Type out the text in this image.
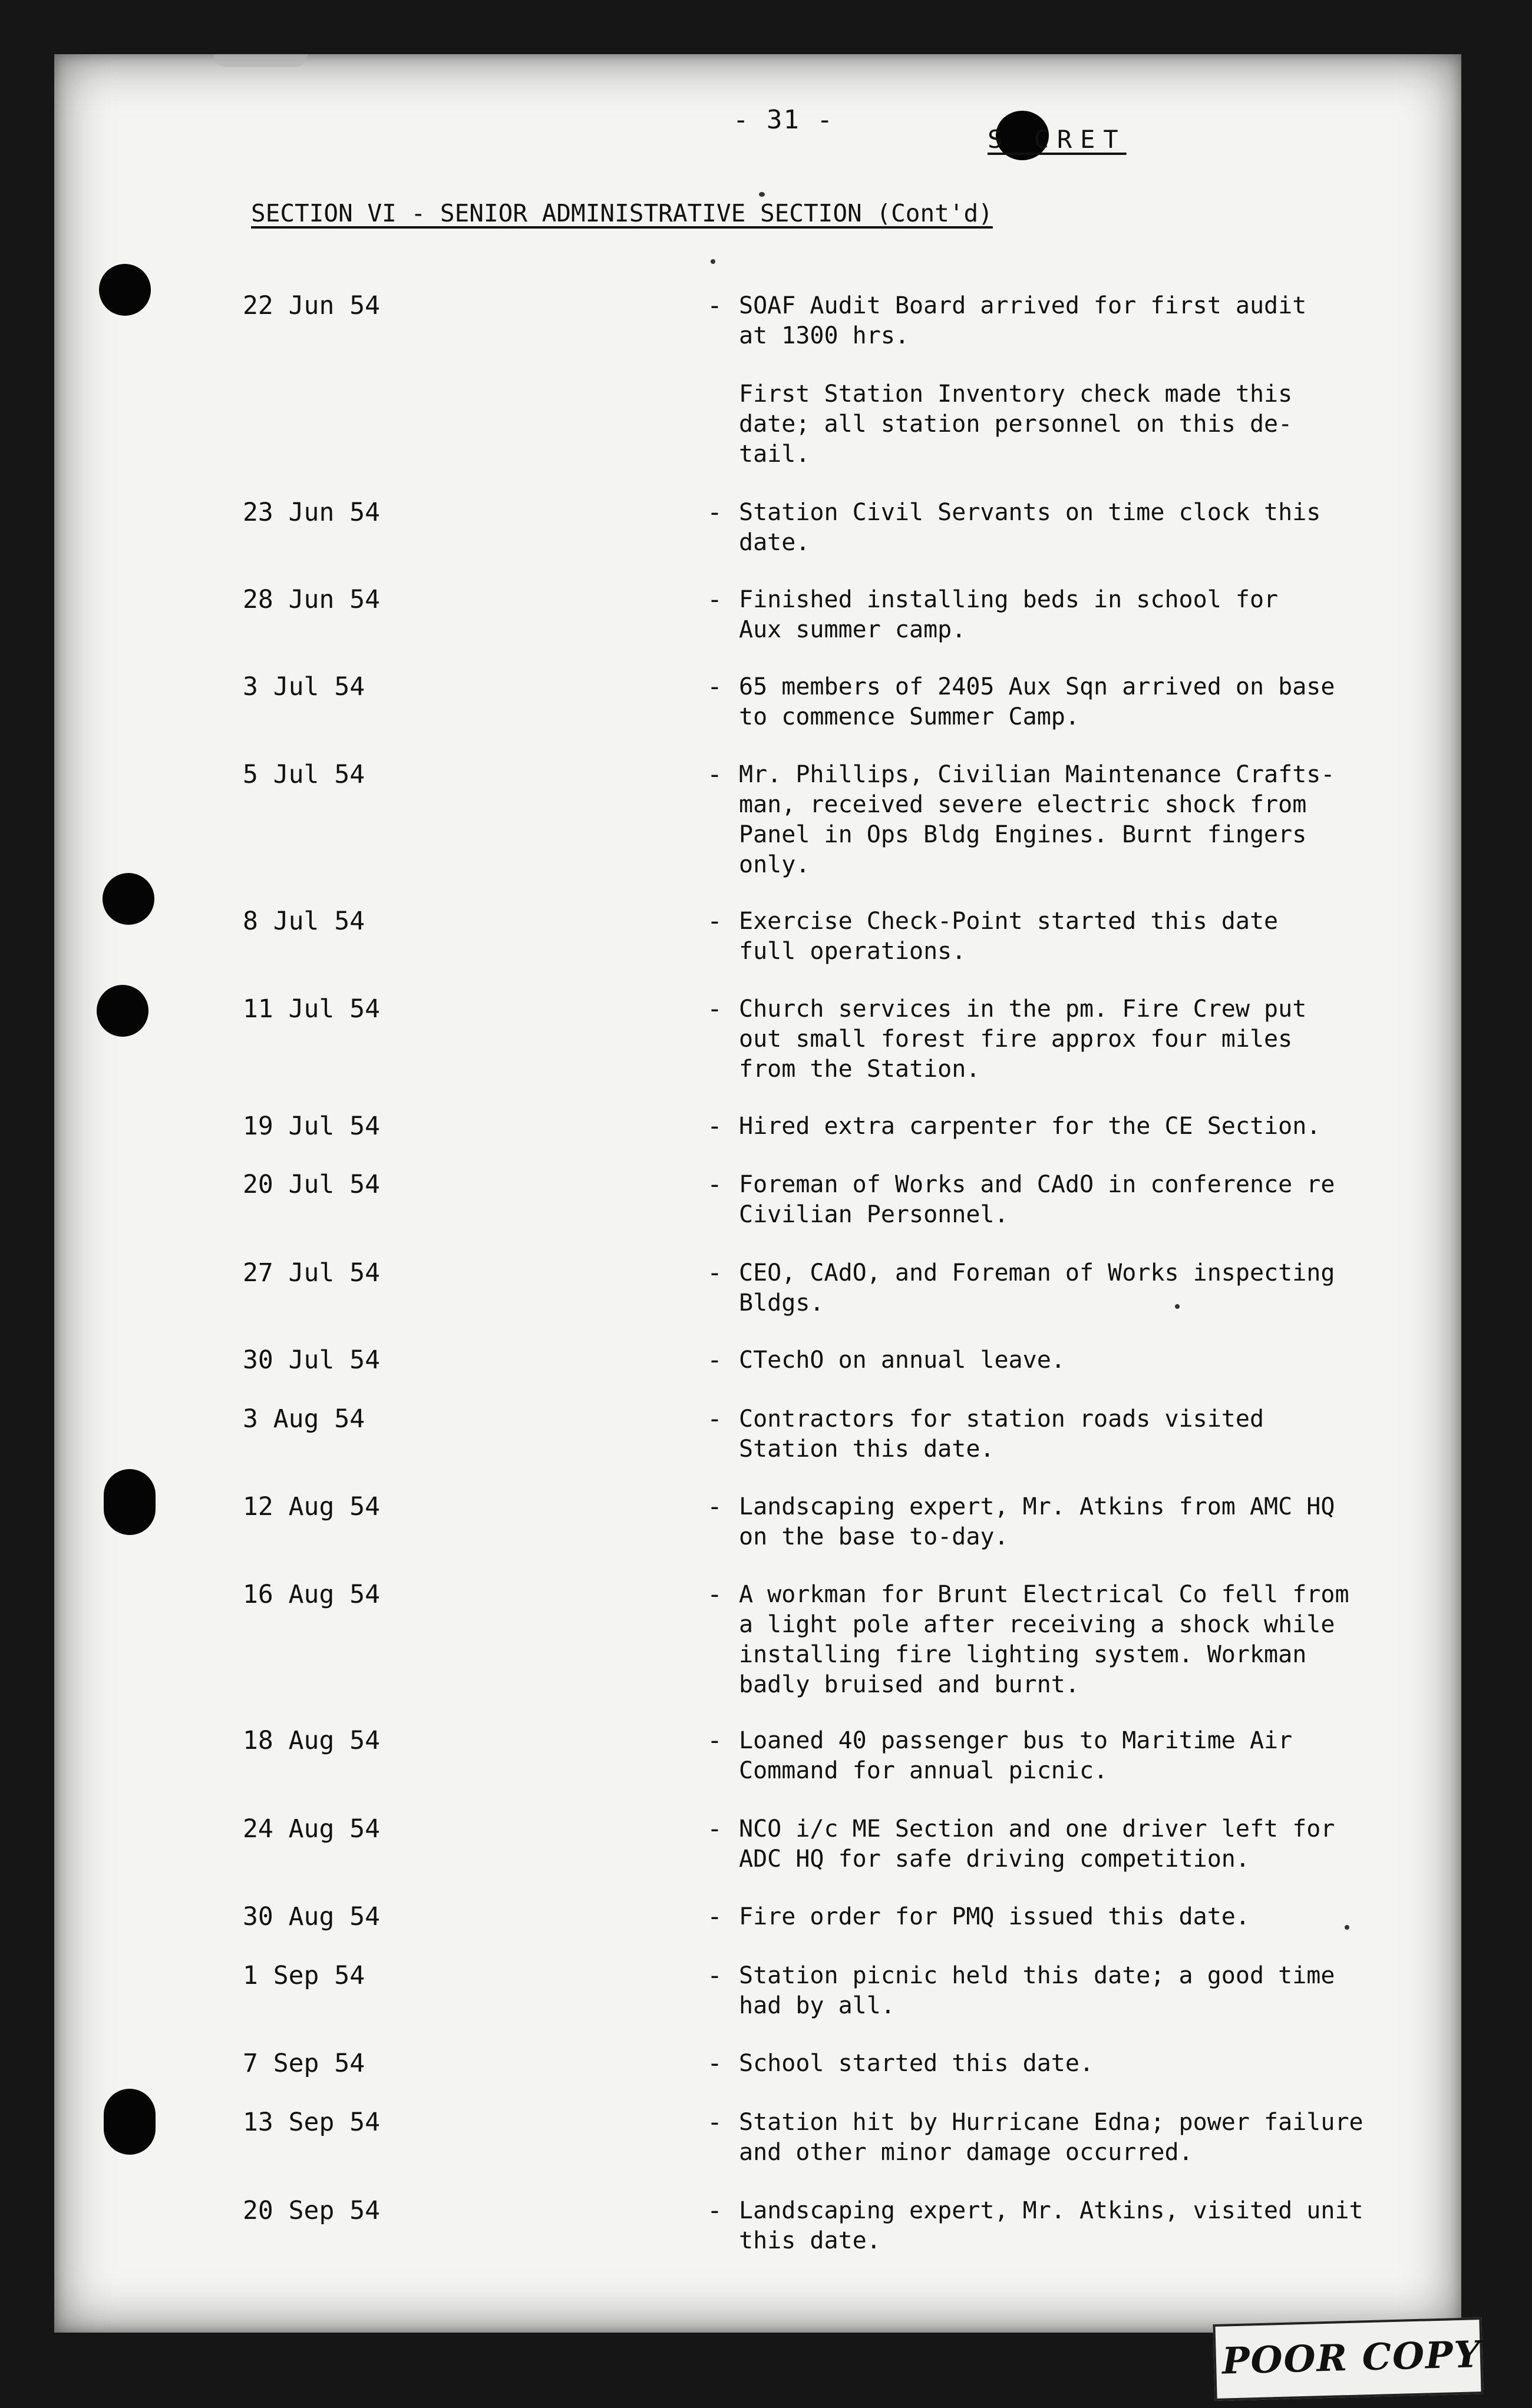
- 31 -
S CRET
SECTION VI - SENIOR ADMINISTRATIVE SECTION (Cont'd)
22 Jun 54	- SOAF Audit Board arrived for first audit
at 1300 hrs.

First Station Inventory check made this
date; all station personnel on this de-
tail.

23 Jun 54	- Station Civil Servants on time clock this
date.

28 Jun 54	- Finished installing beds in school for
Aux summer camp.

3 Jul 54	- 65 members of 2405 Aux Sqn arrived on base
to commence Summer Camp.

5 Jul 54	- Mr. Phillips, Civilian Maintenance Crafts-
man, received severe electric shock from
Panel in Ops Bldg Engines. Burnt fingers
only.

8 Jul 54	- Exercise Check-Point started this date
full operations.

11 Jul 54	- Church services in the pm. Fire Crew put
out small forest fire approx four miles
from the Station.

19 Jul 54	- Hired extra carpenter for the CE Section.

20 Jul 54	- Foreman of Works and CAdO in conference re
Civilian Personnel.

27 Jul 54	- CEO, CAdO, and Foreman of Works inspecting
Bldgs.

30 Jul 54	- CTechO on annual leave.

3 Aug 54	- Contractors for station roads visited
Station this date.

12 Aug 54	- Landscaping expert, Mr. Atkins from AMC HQ
on the base to-day.

16 Aug 54	- A workman for Brunt Electrical Co fell from
a light pole after receiving a shock while
installing fire lighting system. Workman
badly bruised and burnt.

18 Aug 54	- Loaned 40 passenger bus to Maritime Air
Command for annual picnic.

24 Aug 54	- NCO i/c ME Section and one driver left for
ADC HQ for safe driving competition.

30 Aug 54	- Fire order for PMQ issued this date.

1 Sep 54	- Station picnic held this date; a good time
had by all.

7 Sep 54	- School started this date.

13 Sep 54	- Station hit by Hurricane Edna; power failure
and other minor damage occurred.

20 Sep 54	- Landscaping expert, Mr. Atkins, visited unit
this date.

POOR COPY
